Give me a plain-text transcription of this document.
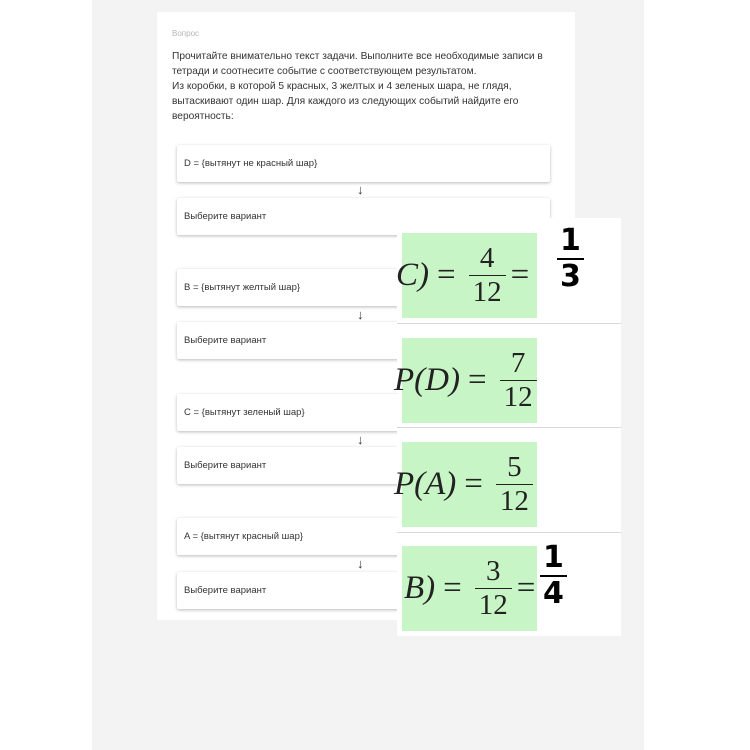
Вопрос

Прочитайте внимательно текст задачи. Выполните все необходимые записи в
тетради и соотнесите событие с соответствующем результатом.
Из коробки, в которой 5 красных, 3 желтых и 4 зеленых шара, не глядя,
вытаскивают один шар. Для каждого из следующих событий найдите его
вероятность:

D = {вытянут не красный шар}
↓
Выберите вариант
B = {вытянут желтый шар}
↓
Выберите вариант
C = {вытянут зеленый шар}
↓
Выберите вариант
A = {вытянут красный шар}
↓
Выберите вариант
$C) = \frac{4}{12} = \frac{1}{3}$
$P(D) = \frac{7}{12}$
$P(A) = \frac{5}{12}$
$B) = \frac{3}{12} = \frac{1}{4}$
